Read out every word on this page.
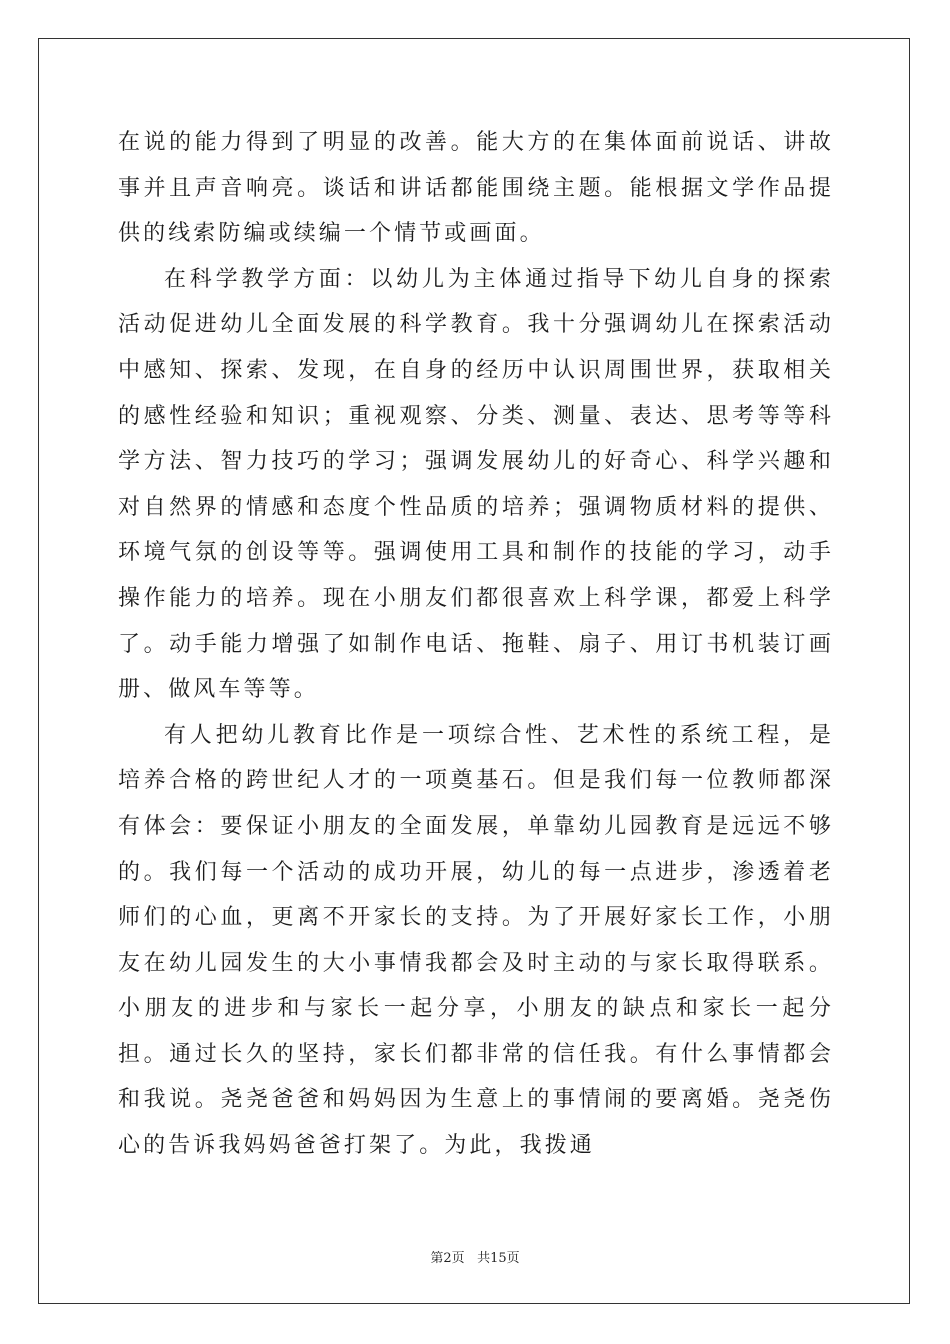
在说的能力得到了明显的改善。能大方的在集体面前说话、讲故事并且声音响亮。谈话和讲话都能围绕主题。能根据文学作品提供的线索防编或续编一个情节或画面。

在科学教学方面：以幼儿为主体通过指导下幼儿自身的探索活动促进幼儿全面发展的科学教育。我十分强调幼儿在探索活动中感知、探索、发现，在自身的经历中认识周围世界，获取相关的感性经验和知识；重视观察、分类、测量、表达、思考等等科学方法、智力技巧的学习；强调发展幼儿的好奇心、科学兴趣和对自然界的情感和态度个性品质的培养；强调物质材料的提供、环境气氛的创设等等。强调使用工具和制作的技能的学习，动手操作能力的培养。现在小朋友们都很喜欢上科学课，都爱上科学了。动手能力增强了如制作电话、拖鞋、扇子、用订书机装订画册、做风车等等。

有人把幼儿教育比作是一项综合性、艺术性的系统工程，是培养合格的跨世纪人才的一项奠基石。但是我们每一位教师都深有体会：要保证小朋友的全面发展，单靠幼儿园教育是远远不够的。我们每一个活动的成功开展，幼儿的每一点进步，渗透着老师们的心血，更离不开家长的支持。为了开展好家长工作，小朋友在幼儿园发生的大小事情我都会及时主动的与家长取得联系。小朋友的进步和与家长一起分享，小朋友的缺点和家长一起分担。通过长久的坚持，家长们都非常的信任我。有什么事情都会和我说。尧尧爸爸和妈妈因为生意上的事情闹的要离婚。尧尧伤心的告诉我妈妈爸爸打架了。为此，我拨通

第2页 共15页
